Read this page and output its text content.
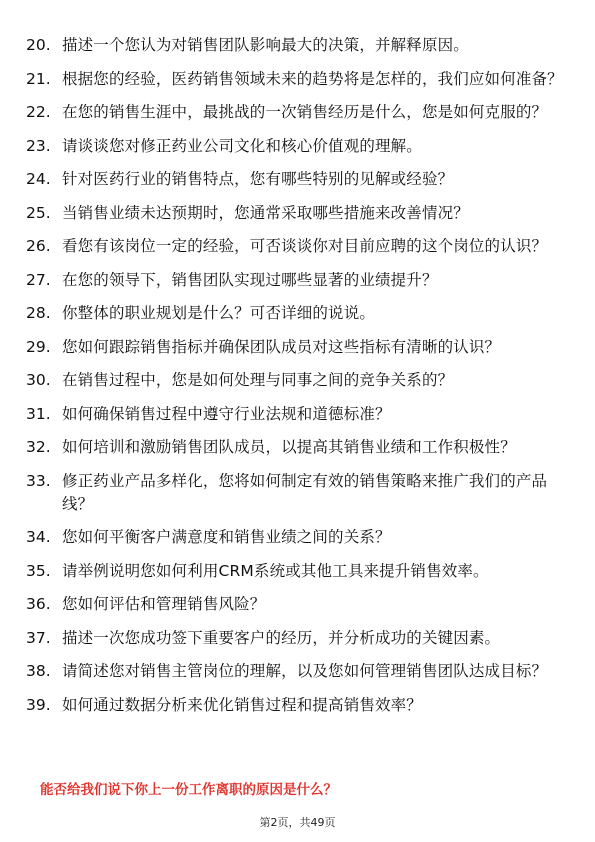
20. 描述一个您认为对销售团队影响最大的决策，并解释原因。
21. 根据您的经验，医药销售领域未来的趋势将是怎样的，我们应如何准备？
22. 在您的销售生涯中，最挑战的一次销售经历是什么，您是如何克服的？
23. 请谈谈您对修正药业公司文化和核心价值观的理解。
24. 针对医药行业的销售特点，您有哪些特别的见解或经验？
25. 当销售业绩未达预期时，您通常采取哪些措施来改善情况？
26. 看您有该岗位一定的经验，可否谈谈你对目前应聘的这个岗位的认识？
27. 在您的领导下，销售团队实现过哪些显著的业绩提升？
28. 你整体的职业规划是什么？可否详细的说说。
29. 您如何跟踪销售指标并确保团队成员对这些指标有清晰的认识？
30. 在销售过程中，您是如何处理与同事之间的竞争关系的？
31. 如何确保销售过程中遵守行业法规和道德标准？
32. 如何培训和激励销售团队成员，以提高其销售业绩和工作积极性？
33. 修正药业产品多样化，您将如何制定有效的销售策略来推广我们的产品线？
34. 您如何平衡客户满意度和销售业绩之间的关系？
35. 请举例说明您如何利用CRM系统或其他工具来提升销售效率。
36. 您如何评估和管理销售风险？
37. 描述一次您成功签下重要客户的经历，并分析成功的关键因素。
38. 请简述您对销售主管岗位的理解，以及您如何管理销售团队达成目标？
39. 如何通过数据分析来优化销售过程和提高销售效率？
能否给我们说下你上一份工作离职的原因是什么？
第2页，共49页
